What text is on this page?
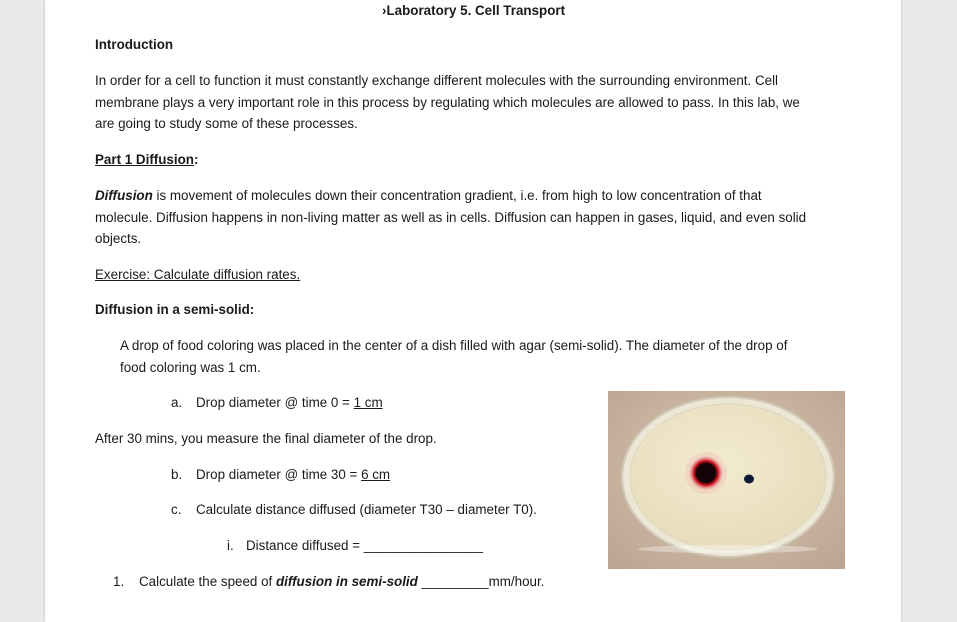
›Laboratory 5. Cell Transport
Introduction
In order for a cell to function it must constantly exchange different molecules with the surrounding environment. Cell
membrane plays a very important role in this process by regulating which molecules are allowed to pass. In this lab, we
are going to study some of these processes.
Part 1 Diffusion:
Diffusion is movement of molecules down their concentration gradient, i.e. from high to low concentration of that
molecule. Diffusion happens in non-living matter as well as in cells. Diffusion can happen in gases, liquid, and even solid
objects.
Exercise: Calculate diffusion rates.
Diffusion in a semi-solid:
A drop of food coloring was placed in the center of a dish filled with agar (semi-solid). The diameter of the drop of
food coloring was 1 cm.
a. Drop diameter @ time 0 = 1 cm
After 30 mins, you measure the final diameter of the drop.
b. Drop diameter @ time 30 = 6 cm
c. Calculate distance diffused (diameter T30 – diameter T0).
i. Distance diffused = ________________
1. Calculate the speed of diffusion in semi-solid _________mm/hour.
